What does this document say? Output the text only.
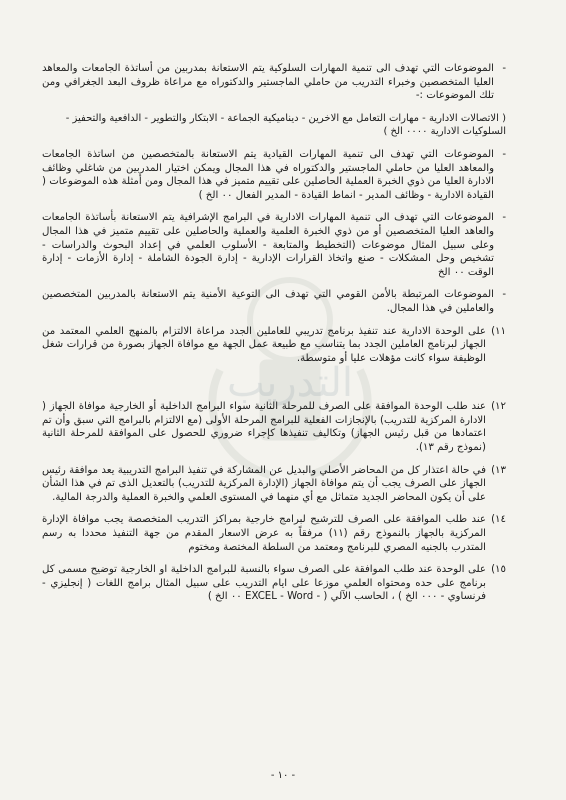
التدريب
-
الموضوعات التي تهدف الى تنمية المهارات السلوكية يتم الاستعانة بمدربين من أساتذة الجامعات والمعاهد العليا المتخصصين وخبراء التدريب من حاملي الماجستير والدكتوراه مع مراعاة ظروف البعد الجغرافي ومن تلك الموضوعات :-
( الاتصالات الادارية - مهارات التعامل مع الاخرين - ديناميكية الجماعة - الابتكار والتطوير - الدافعية والتحفيز - السلوكيات الادارية ٠٠٠٠ الخ )
-
الموضوعات التي تهدف الى تنمية المهارات القيادية يتم الاستعانة بالمتخصصين من اساتذة الجامعات والمعاهد العليا من حاملي الماجستير والدكتوراه في هذا المجال ويمكن اختيار المدربين من شاغلي وظائف الادارة العليا من ذوي الخبرة العملية الحاصلين على تقييم متميز في هذا المجال ومن أمثلة هذه الموضوعات ( القيادة الادارية - وظائف المدير - انماط القيادة - المدير الفعال ٠٠ الخ )
-
الموضوعات التي تهدف الى تنمية المهارات الادارية في البرامج الإشرافية يتم الاستعانة بأساتذة الجامعات والعاهد العليا المتخصصين أو من ذوي الخبرة العلمية والعملية والحاصلين على تقييم متميز في هذا المجال وعلى سبيل المثال موضوعات (التخطيط والمتابعة - الأسلوب العلمي في إعداد البحوث والدراسات - تشخيص وحل المشكلات - صنع واتخاذ القرارات الإدارية - إدارة الجودة الشاملة - إدارة الأزمات - إدارة الوقت ٠٠ الخ
-
الموضوعات المرتبطة بالأمن القومي التي تهدف الى التوعية الأمنية يتم الاستعانة بالمدربين المتخصصين والعاملين في هذا المجال.
١١)
على الوحدة الادارية عند تنفيذ برنامج تدريبي للعاملين الجدد مراعاة الالتزام بالمنهج العلمي المعتمد من الجهاز لبرنامج العاملين الجدد بما يتناسب مع طبيعة عمل الجهة مع موافاة الجهاز بصورة من قرارات شغل الوظيفة سواء كانت مؤهلات عليا أو متوسطة.
١٢)
عند طلب الوحدة الموافقة على الصرف للمرحلة الثانية سواء البرامج الداخلية أو الخارجية موافاة الجهاز ( الادارة المركزية للتدريب) بالإنجازات الفعلية للبرامج المرحلة الأولى (مع الالتزام بالبرامج التي سبق وأن تم اعتمادها من قبل رئيس الجهاز) وتكاليف تنفيذها كإجراء ضروري للحصول على الموافقة للمرحلة الثانية (نموذج رقم ١٣).
١٣)
في حالة اعتذار كل من المحاضر الأصلي والبديل عن المشاركة في تنفيذ البرامج التدريبية يعد موافقة رئيس الجهاز على الصرف يجب أن يتم موافاة الجهاز (الإدارة المركزية للتدريب) بالتعديل الذى تم في هذا الشأن على أن يكون المحاضر الجديد متماثل مع أي منهما في المستوى العلمي والخبرة العملية والدرجة المالية.
١٤)
عند طلب الموافقة على الصرف للترشيح لبرامج خارجية بمراكز التدريب المتخصصة يجب موافاة الإدارة المركزية بالجهاز بالنموذج رقم (١١) مرفقاً به عرض الاسعار المقدم من جهة التنفيذ محددا به رسم المتدرب بالجنيه المصري للبرنامج ومعتمد من السلطة المختصة ومختوم
١٥)
على الوحدة عند طلب الموافقة على الصرف سواء بالنسبة للبرامج الداخلية او الخارجية توضيح مسمى كل برنامج على حده ومحتواه العلمي موزعا على ايام التدريب على سبيل المثال برامج اللغات ( إنجليزي - فرنساوي - ٠٠٠ الخ ) ، الحاسب الآلي ( - EXCEL - Word ٠٠ الخ )
- ١٠ -
